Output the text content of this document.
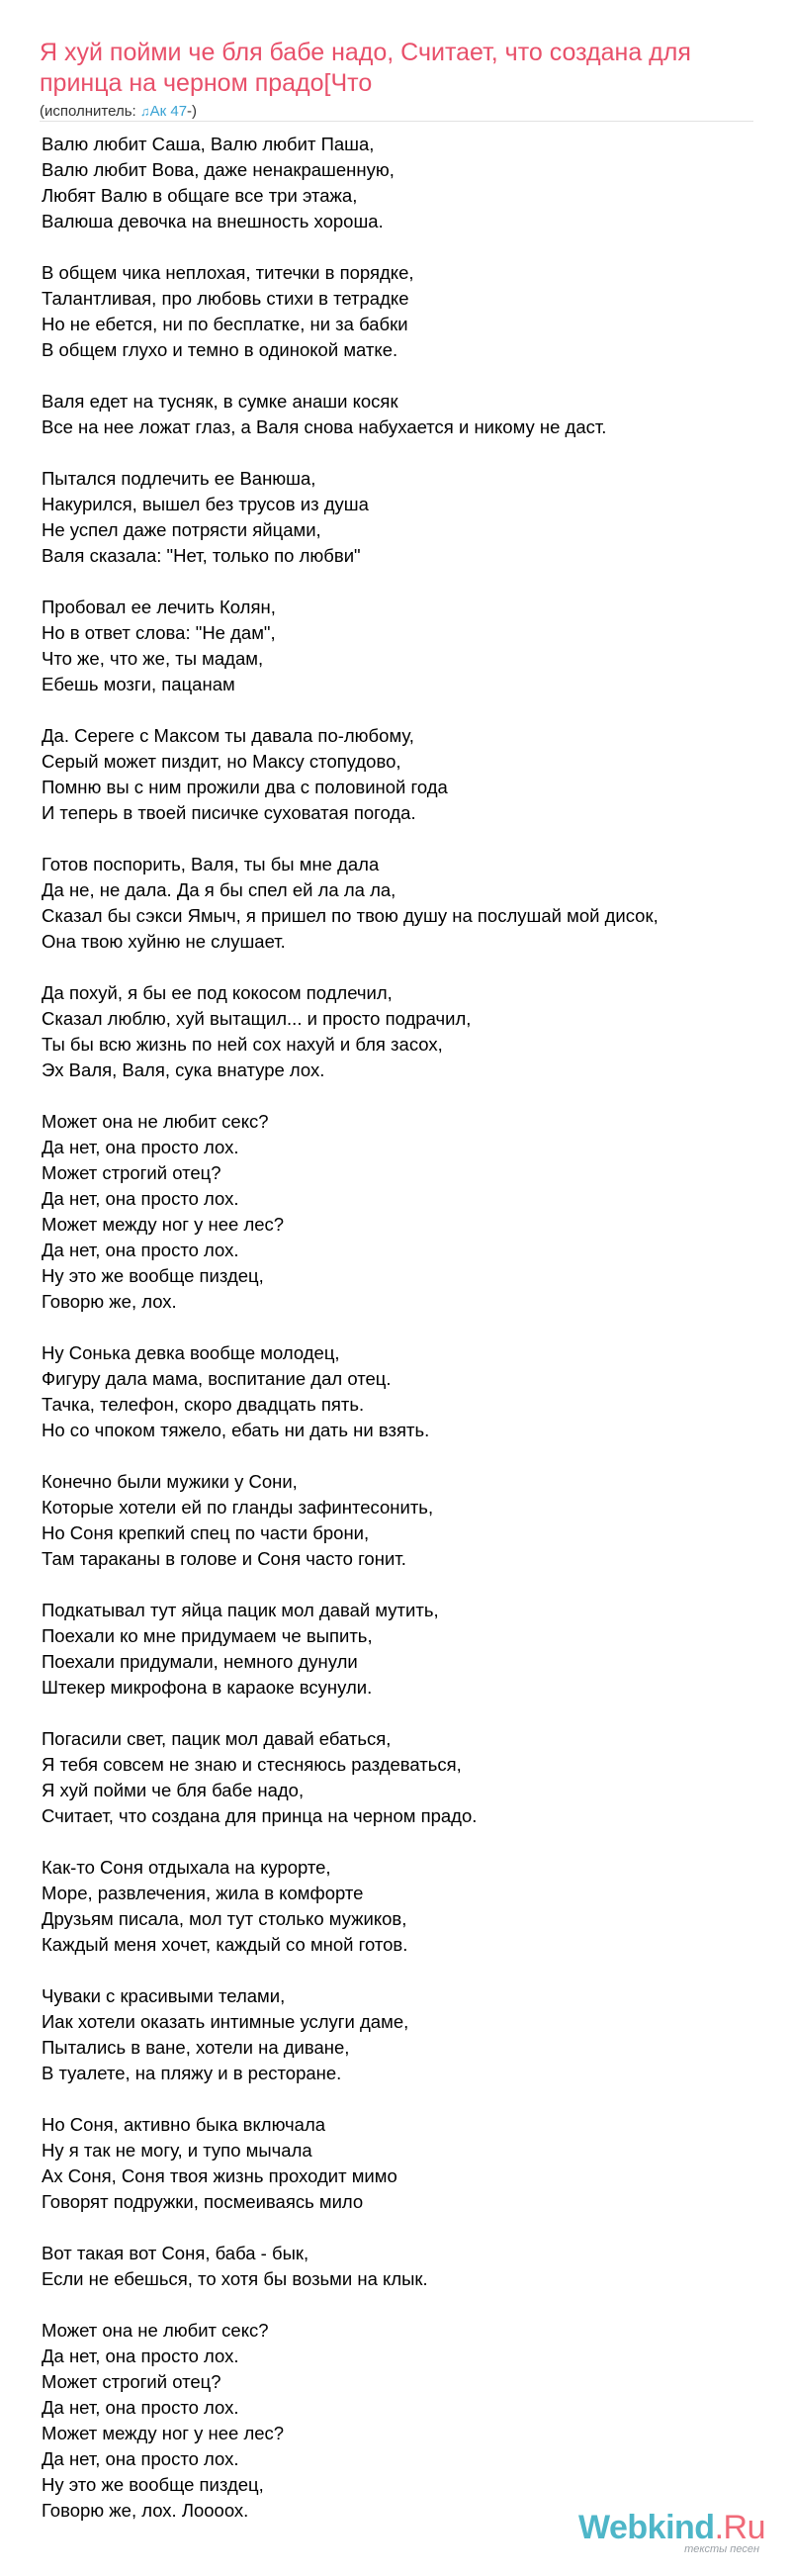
Я хуй пойми че бля бабе надо, Считает, что создана для принца на черном прадо[Что
(исполнитель: ♫Ак 47-)
Валю любит Саша, Валю любит Паша,
Валю любит Вова, даже ненакрашенную,
Любят Валю в общаге все три этажа,
Валюша девочка на внешность хороша.
В общем чика неплохая, титечки в порядке,
Талантливая, про любовь стихи в тетрадке
Но не ебется, ни по бесплатке, ни за бабки
В общем глухо и темно в одинокой матке.
Валя едет на тусняк, в сумке анаши косяк
Все на нее ложат глаз, а Валя снова набухается и никому не даст.
Пытался подлечить ее Ванюша,
Накурился, вышел без трусов из душа
Не успел даже потрясти яйцами,
Валя сказала: "Нет, только по любви"
Пробовал ее лечить Колян,
Но в ответ слова: "Не дам",
Что же, что же, ты мадам,
Ебешь мозги, пацанам
Да. Сереге с Максом ты давала по-любому,
Серый может пиздит, но Максу стопудово,
Помню вы с ним прожили два с половиной года
И теперь в твоей писичке суховатая погода.
Готов поспорить, Валя, ты бы мне дала
Да не, не дала. Да я бы спел ей ла ла ла,
Сказал бы сэкси Ямыч, я пришел по твою душу на послушай мой дисок,
Она твою хуйню не слушает.
Да похуй, я бы ее под кокосом подлечил,
Сказал люблю, хуй вытащил... и просто подрачил,
Ты бы всю жизнь по ней сох нахуй и бля засох,
Эх Валя, Валя, сука внатуре лох.
Может она не любит секс?
Да нет, она просто лох.
Может строгий отец?
Да нет, она просто лох.
Может между ног у нее лес?
Да нет, она просто лох.
Ну это же вообще пиздец,
Говорю же, лох.
Ну Сонька девка вообще молодец,
Фигуру дала мама, воспитание дал отец.
Тачка, телефон, скоро двадцать пять.
Но со чпоком тяжело, ебать ни дать ни взять.
Конечно были мужики у Сони,
Которые хотели ей по гланды зафинтесонить,
Но Соня крепкий спец по части брони,
Там тараканы в голове и Соня часто гонит.
Подкатывал тут яйца пацик мол давай мутить,
Поехали ко мне придумаем че выпить,
Поехали придумали, немного дунули
Штекер микрофона в караоке всунули.
Погасили свет, пацик мол давай ебаться,
Я тебя совсем не знаю и стесняюсь раздеваться,
Я хуй пойми че бля бабе надо,
Считает, что создана для принца на черном прадо.
Как-то Соня отдыхала на курорте,
Море, развлечения, жила в комфорте
Друзьям писала, мол тут столько мужиков,
Каждый меня хочет, каждый со мной готов.
Чуваки с красивыми телами,
Иак хотели оказать интимные услуги даме,
Пытались в ване, хотели на диване,
В туалете, на пляжу и в ресторане.
Но Соня, активно быка включала
Ну я так не могу, и тупо мычала
Ах Соня, Соня твоя жизнь проходит мимо
Говорят подружки, посмеиваясь мило
Вот такая вот Соня, баба - бык,
Если не ебешься, то хотя бы возьми на клык.
Может она не любит секс?
Да нет, она просто лох.
Может строгий отец?
Да нет, она просто лох.
Может между ног у нее лес?
Да нет, она просто лох.
Ну это же вообще пиздец,
Говорю же, лох. Лоооох.	Webkind.Ru
тексты песен
